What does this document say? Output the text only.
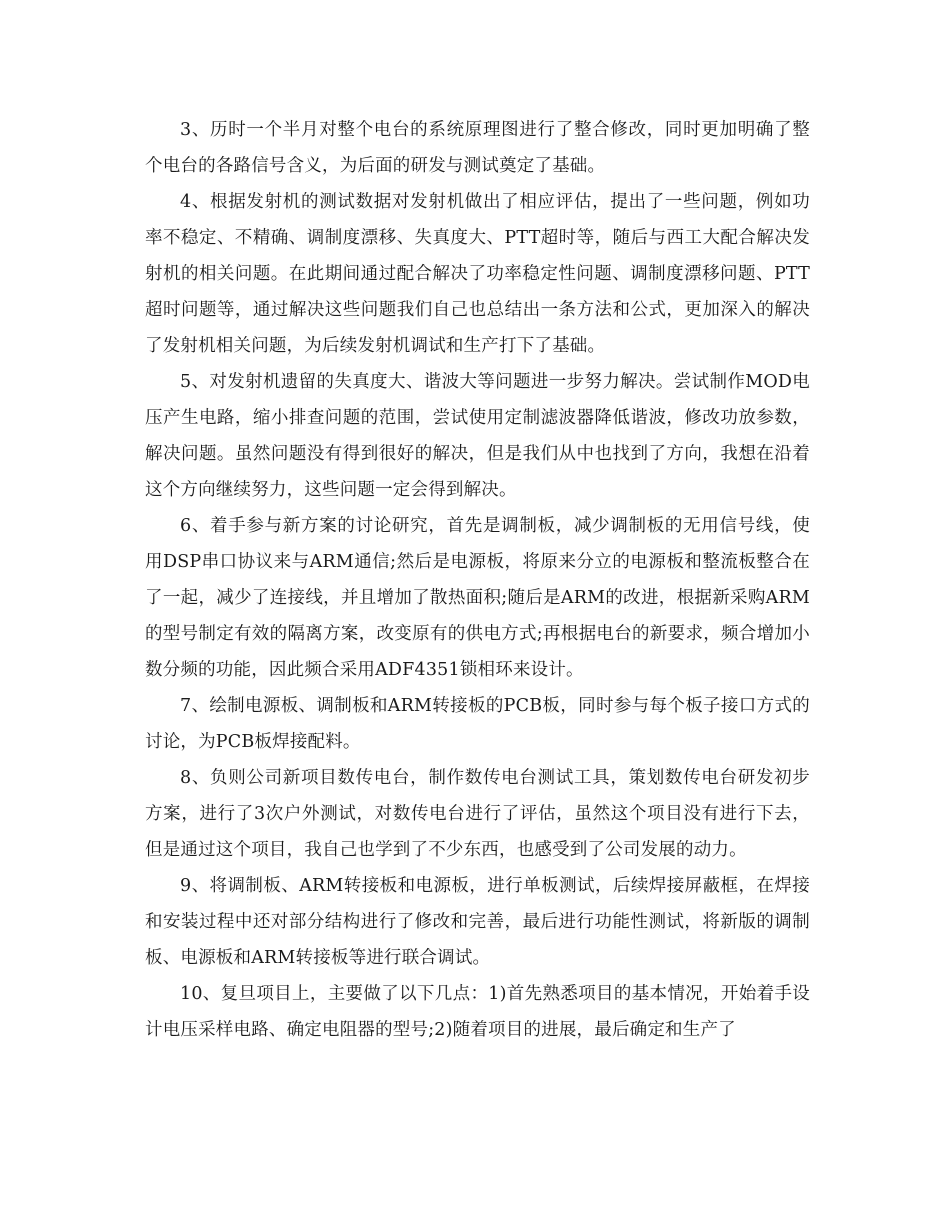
3、历时一个半月对整个电台的系统原理图进行了整合修改，同时更加明确了整个电台的各路信号含义，为后面的研发与测试奠定了基础。

4、根据发射机的测试数据对发射机做出了相应评估，提出了一些问题，例如功率不稳定、不精确、调制度漂移、失真度大、PTT超时等，随后与西工大配合解决发射机的相关问题。在此期间通过配合解决了功率稳定性问题、调制度漂移问题、PTT超时问题等，通过解决这些问题我们自己也总结出一条方法和公式，更加深入的解决了发射机相关问题，为后续发射机调试和生产打下了基础。

5、对发射机遗留的失真度大、谐波大等问题进一步努力解决。尝试制作MOD电压产生电路，缩小排查问题的范围，尝试使用定制滤波器降低谐波，修改功放参数，解决问题。虽然问题没有得到很好的解决，但是我们从中也找到了方向，我想在沿着这个方向继续努力，这些问题一定会得到解决。

6、着手参与新方案的讨论研究，首先是调制板，减少调制板的无用信号线，使用DSP串口协议来与ARM通信;然后是电源板，将原来分立的电源板和整流板整合在了一起，减少了连接线，并且增加了散热面积;随后是ARM的改进，根据新采购ARM的型号制定有效的隔离方案，改变原有的供电方式;再根据电台的新要求，频合增加小数分频的功能，因此频合采用ADF4351锁相环来设计。

7、绘制电源板、调制板和ARM转接板的PCB板，同时参与每个板子接口方式的讨论，为PCB板焊接配料。

8、负则公司新项目数传电台，制作数传电台测试工具，策划数传电台研发初步方案，进行了3次户外测试，对数传电台进行了评估，虽然这个项目没有进行下去，但是通过这个项目，我自己也学到了不少东西，也感受到了公司发展的动力。

9、将调制板、ARM转接板和电源板，进行单板测试，后续焊接屏蔽框，在焊接和安装过程中还对部分结构进行了修改和完善，最后进行功能性测试，将新版的调制板、电源板和ARM转接板等进行联合调试。

10、复旦项目上，主要做了以下几点：1)首先熟悉项目的基本情况，开始着手设计电压采样电路、确定电阻器的型号;2)随着项目的进展，最后确定和生产了
